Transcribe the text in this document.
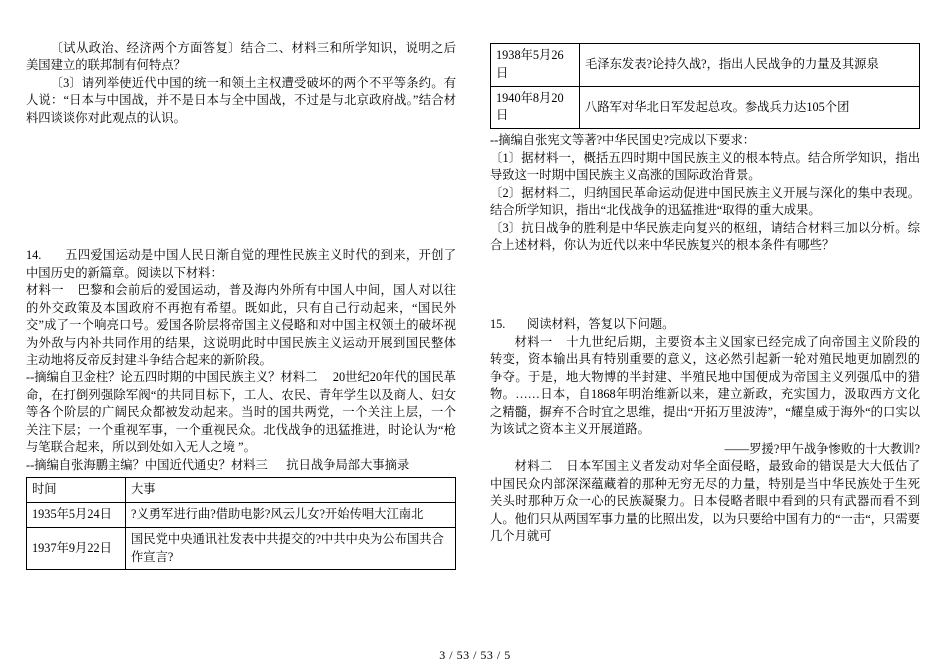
〔试从政治、经济两个方面答复〕结合二、材料三和所学知识，说明之后美国建立的联邦制有何特点？

〔3〕请列举使近代中国的统一和领土主权遭受破坏的两个不平等条约。有人说：“日本与中国战，并不是日本与全中国战，不过是与北京政府战。”结合材料四谈谈你对此观点的认识。

14. 五四爱国运动是中国人民日渐自觉的理性民族主义时代的到来，开创了中国历史的新篇章。阅读以下材料：

材料一 巴黎和会前后的爱国运动，普及海内外所有中国人中间，国人对以往的外交政策及本国政府不再抱有希望。既如此，只有自己行动起来，“国民外交”成了一个响亮口号。爱国各阶层将帝国主义侵略和对中国主权领土的破坏视为外敌与内补共同作用的结果，这说明此时中国民族主义运动开展到国民整体主动地将反帝反封建斗争结合起来的新阶段。

--摘编自卫金柱？论五四时期的中国民族主义？材料二 20世纪20年代的国民革命，在打倒列强除军阀“的共同目标下，工人、农民、青年学生以及商人、妇女等各个阶层的广阔民众都被发动起来。当时的国共两党，一个关注上层，一个关注下层；一个重视军事，一个重视民众。北伐战争的迅猛推进，时论认为“枪与笔联合起来，所以到处如入无人之境 ”。

--摘编自张海鹏主编？中国近代通史？材料三 抗日战争局部大事摘录

时间	大事
1935年5月24日	?义勇军进行曲?借助电影?风云儿女?开始传唱大江南北
1937年9月22日	国民党中央通讯社发表中共提交的?中共中央为公布国共合作宣言?
1938年5月26日	毛泽东发表?论持久战?，指出人民战争的力量及其源泉
1940年8月20日	八路军对华北日军发起总攻。参战兵力达105个团

--摘编自张宪文等著?中华民国史?完成以下要求：

〔1〕据材料一，概括五四时期中国民族主义的根本特点。结合所学知识，指出导致这一时期中国民族主义高涨的国际政治背景。

〔2〕据材料二，归纳国民革命运动促进中国民族主义开展与深化的集中表现。结合所学知识，指出“北伐战争的迅猛推进“取得的重大成果。

〔3〕抗日战争的胜利是中华民族走向复兴的枢纽，请结合材料三加以分析。综合上述材料，你认为近代以来中华民族复兴的根本条件有哪些？

15. 阅读材料，答复以下问题。

材料一 十九世纪后期，主要资本主义国家已经完成了向帝国主义阶段的转变，资本输出具有特别重要的意义，这必然引起新一轮对殖民地更加剧烈的争夺。于是，地大物博的半封建、半殖民地中国便成为帝国主义列强瓜中的猎物。……日本，自1868年明治维新以来，建立新政，充实国力，汲取西方文化之精髓，摒弃不合时宜之思维，提出“开拓万里波涛”，“耀皇威于海外“的口实以为该试之资本主义开展道路。

——罗援?甲午战争惨败的十大教训?

材料二 日本军国主义者发动对华全面侵略，最致命的错误是大大低估了中国民众内部深深蕴藏着的那种无穷无尽的力量，特别是当中华民族处于生死关头时那种万众一心的民族凝聚力。日本侵略者眼中看到的只有武器而看不到人。他们只从两国军事力量的比照出发，以为只要给中国有力的“一击“，只需要几个月就可

3 / 53 / 53 / 5
